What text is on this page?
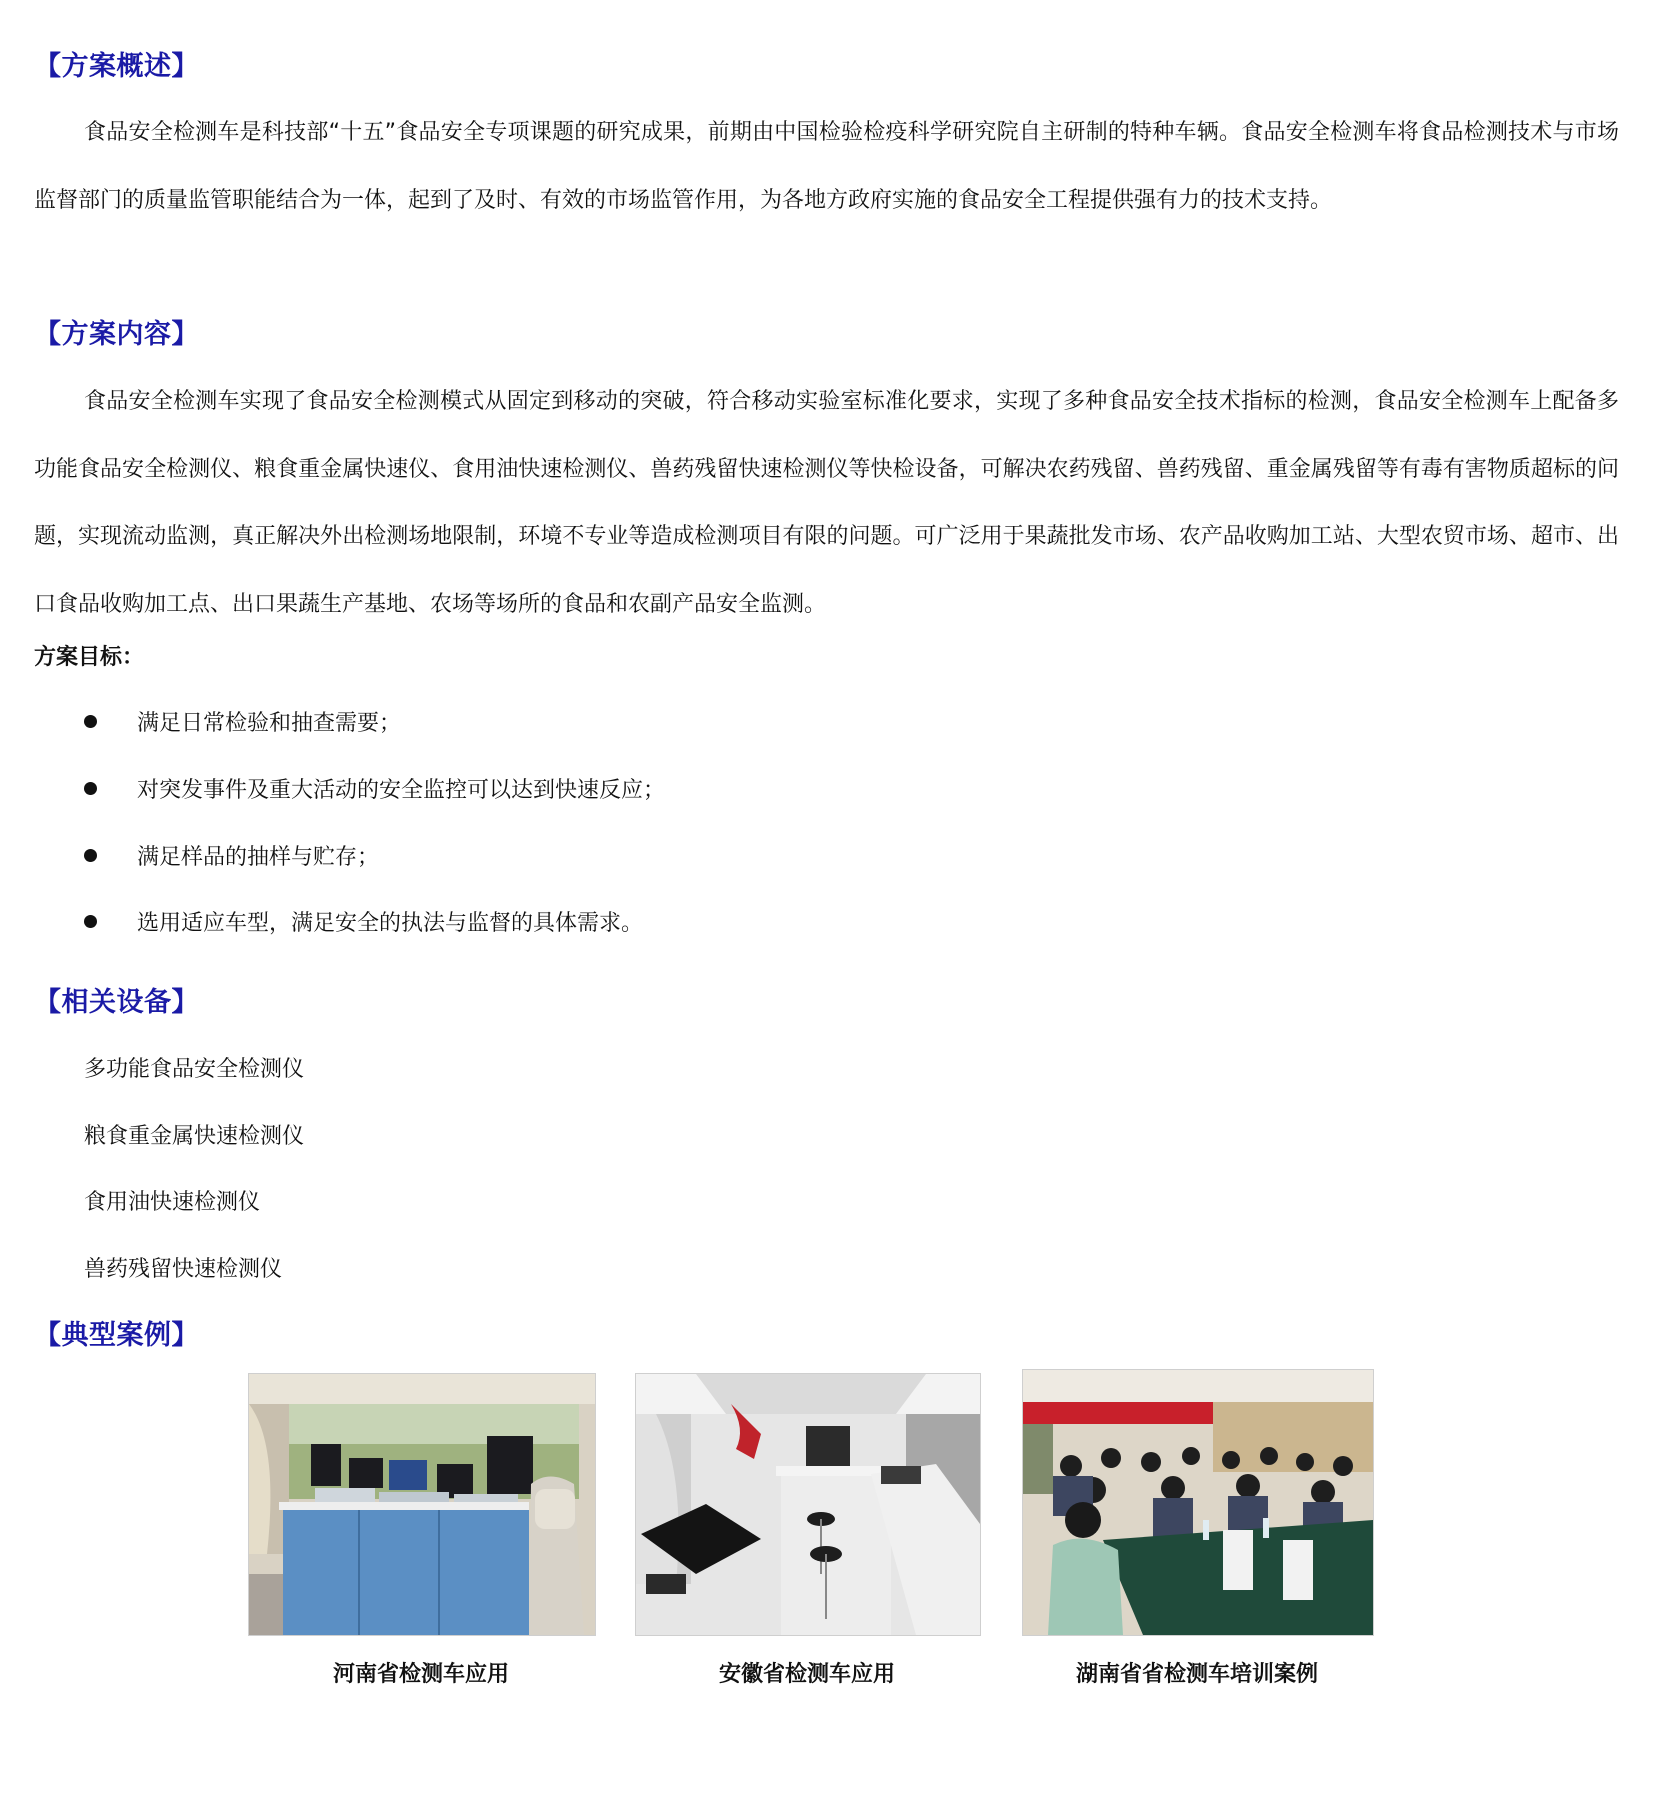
【方案概述】
食品安全检测车是科技部“十五”食品安全专项课题的研究成果，前期由中国检验检疫科学研究院自主研制的特种车辆。食品安全检测车将食品检测技术与市场监督部门的质量监管职能结合为一体，起到了及时、有效的市场监管作用，为各地方政府实施的食品安全工程提供强有力的技术支持。
【方案内容】
食品安全检测车实现了食品安全检测模式从固定到移动的突破，符合移动实验室标准化要求，实现了多种食品安全技术指标的检测，食品安全检测车上配备多功能食品安全检测仪、粮食重金属快速仪、食用油快速检测仪、兽药残留快速检测仪等快检设备，可解决农药残留、兽药残留、重金属残留等有毒有害物质超标的问题，实现流动监测，真正解决外出检测场地限制，环境不专业等造成检测项目有限的问题。可广泛用于果蔬批发市场、农产品收购加工站、大型农贸市场、超市、出口食品收购加工点、出口果蔬生产基地、农场等场所的食品和农副产品安全监测。
方案目标：
满足日常检验和抽查需要；
对突发事件及重大活动的安全监控可以达到快速反应；
满足样品的抽样与贮存；
选用适应车型，满足安全的执法与监督的具体需求。
【相关设备】
多功能食品安全检测仪
粮食重金属快速检测仪
食用油快速检测仪
兽药残留快速检测仪
【典型案例】
河南省检测车应用	安徽省检测车应用	湖南省省检测车培训案例
